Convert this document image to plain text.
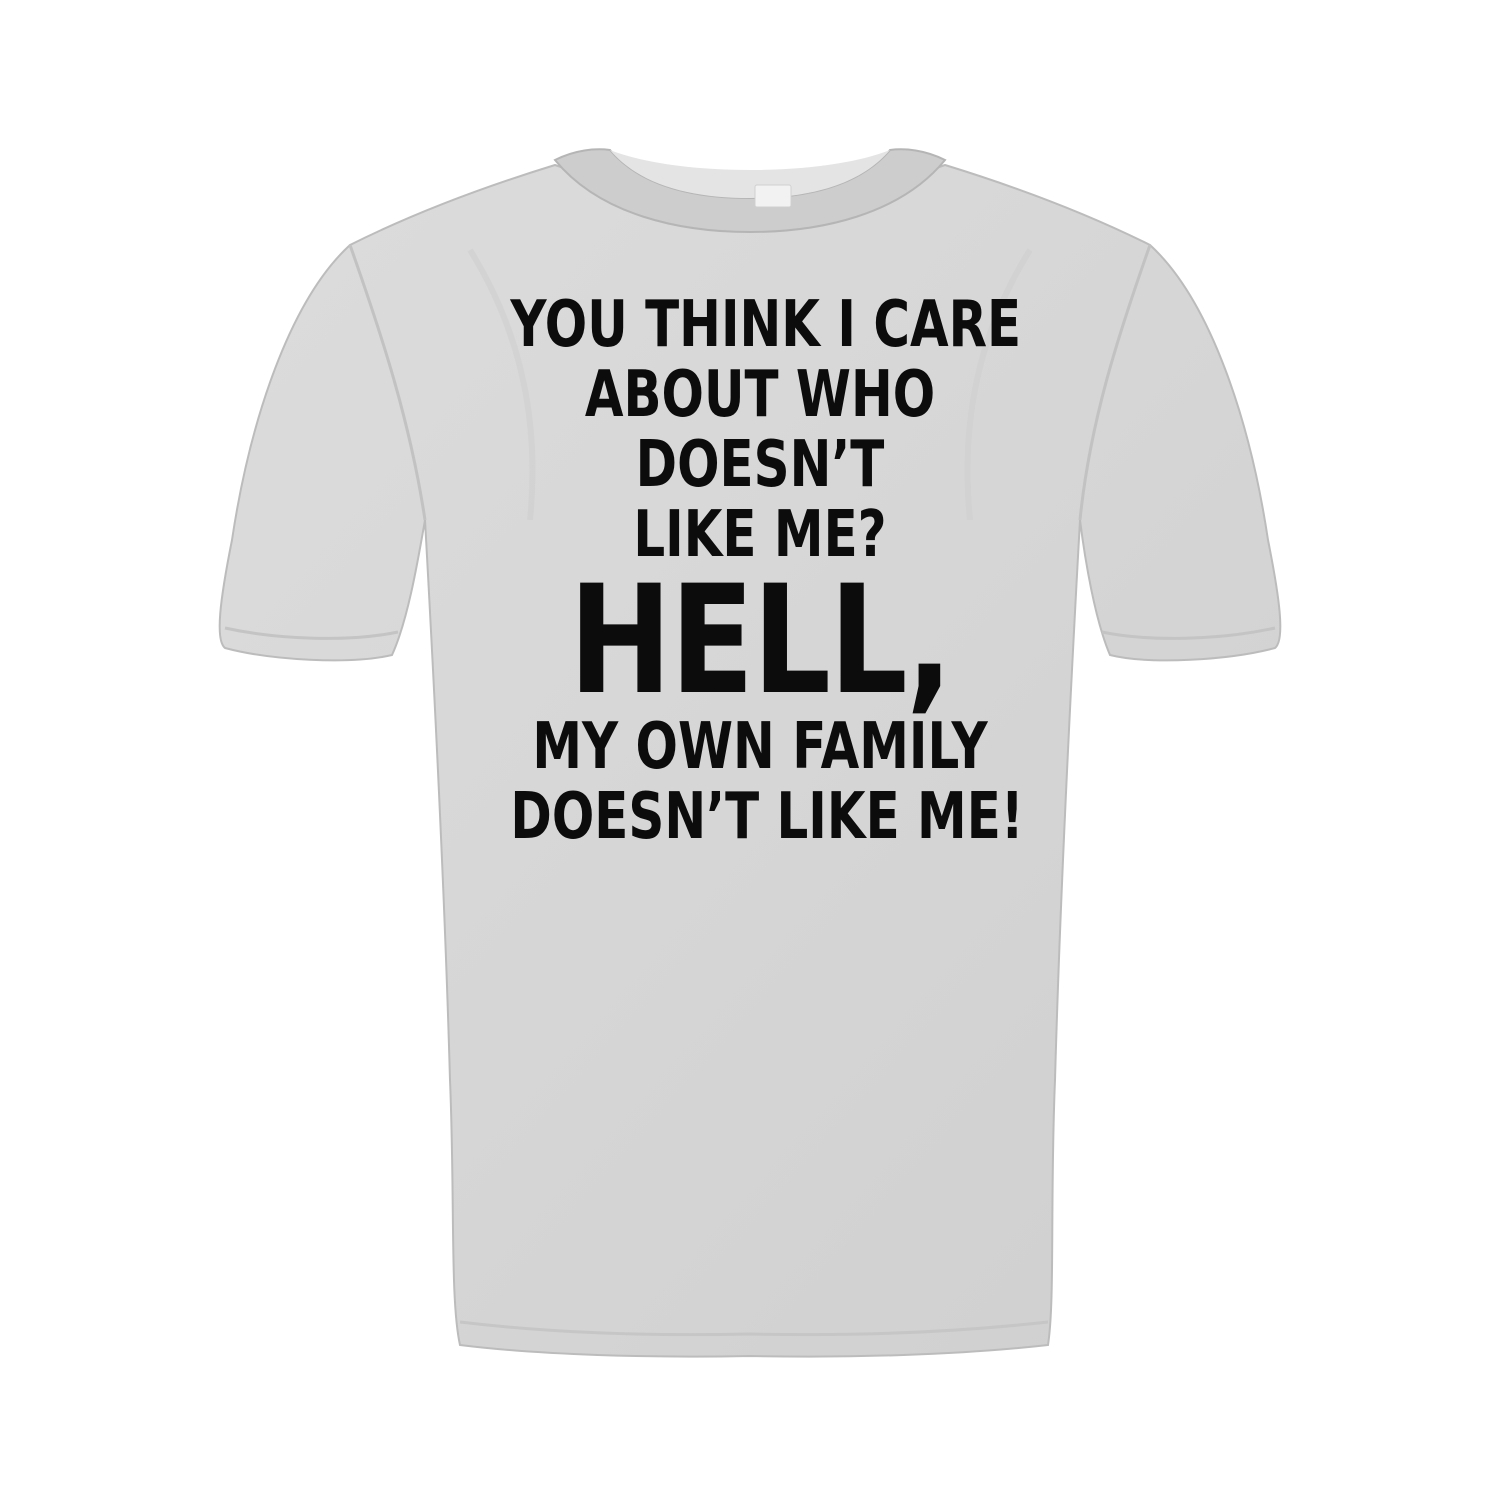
YOU THINK I CARE
ABOUT WHO
DOESN’T
LIKE ME?
HELL,
MY OWN FAMILY
DOESN’T LIKE ME!
